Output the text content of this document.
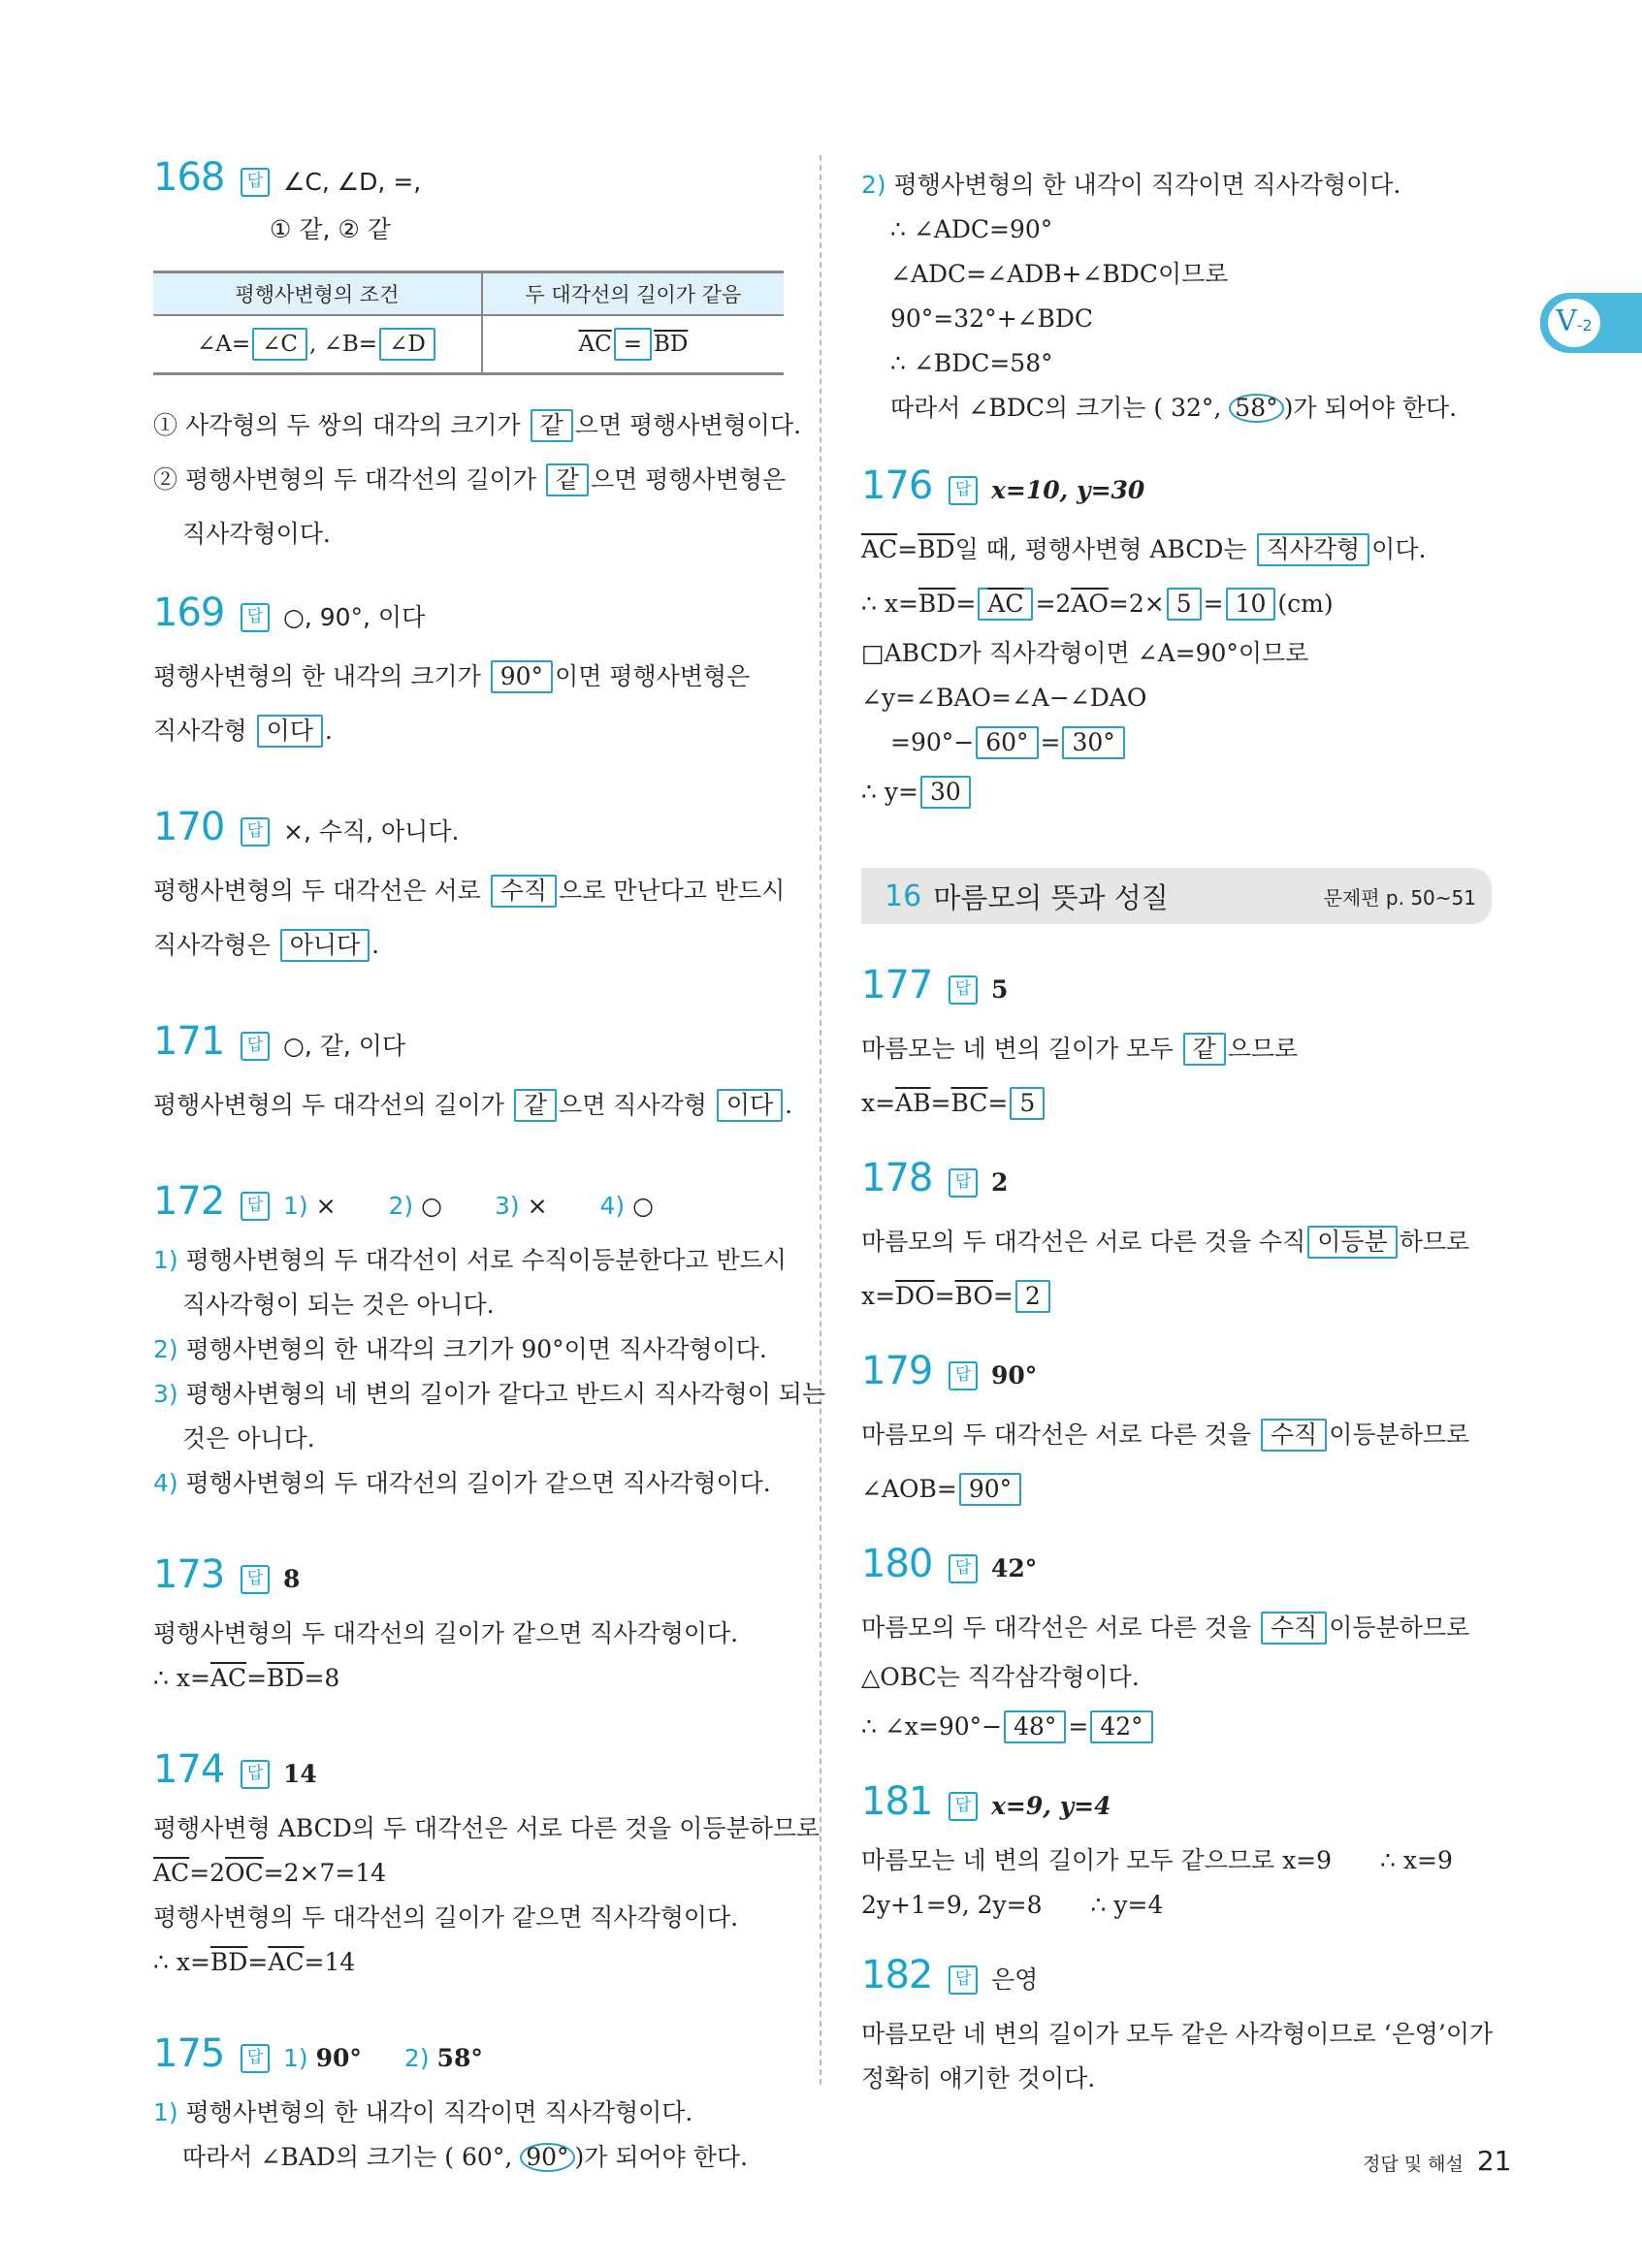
V-2
168	답 ∠C, ∠D, =,
① 같, ② 같
평행사변형의 조건	두 대각선의 길이가 같음
∠A= ∠C , ∠B= ∠D	$\overline{AC} = \overline{BD}$
① 사각형의 두 쌍의 대각의 크기가 같 으면 평행사변형이다.
② 평행사변형의 두 대각선의 길이가 같 으면 평행사변형은
직사각형이다.
169	답 ○, 90°, 이다
평행사변형의 한 내각의 크기가 90° 이면 평행사변형은
직사각형 이다 .
170	답 ×, 수직, 아니다.
평행사변형의 두 대각선은 서로 수직 으로 만난다고 반드시
직사각형은 아니다 .
171	답 ○, 같, 이다
평행사변형의 두 대각선의 길이가 같 으면 직사각형 이다 .
172	답 1) × 2) ○ 3) × 4) ○
1) 평행사변형의 두 대각선이 서로 수직이등분한다고 반드시
직사각형이 되는 것은 아니다.
2) 평행사변형의 한 내각의 크기가 90°이면 직사각형이다.
3) 평행사변형의 네 변의 길이가 같다고 반드시 직사각형이 되는
것은 아니다.
4) 평행사변형의 두 대각선의 길이가 같으면 직사각형이다.
173	답 8
평행사변형의 두 대각선의 길이가 같으면 직사각형이다.
∴ $x=\overline{AC}=\overline{BD}=8$
174	답 14
평행사변형 ABCD의 두 대각선은 서로 다른 것을 이등분하므로
$\overline{AC}=2\overline{OC}=2\times 7=14$
평행사변형의 두 대각선의 길이가 같으면 직사각형이다.
∴ $x=\overline{BD}=\overline{AC}=14$
175	답 1) 90° 2) 58°
1) 평행사변형의 한 내각이 직각이면 직사각형이다.
따라서 ∠BAD의 크기는 ( 60°, 90° )가 되어야 한다.
2) 평행사변형의 한 내각이 직각이면 직사각형이다.
∴ ∠ADC=90°
∠ADC=∠ADB+∠BDC이므로
90°=32°+∠BDC
∴ ∠BDC=58°
따라서 ∠BDC의 크기는 ( 32°, 58° )가 되어야 한다.
176	답 x=10, y=30
$\overline{AC}=\overline{BD}$일 때, 평행사변형 ABCD는 직사각형 이다.
∴ $x=\overline{BD}= \overline{AC} =2\overline{AO}=2\times 5 = 10$ (cm)
□ABCD가 직사각형이면 ∠A=90°이므로
∠y=∠BAO=∠A−∠DAO
=90°− 60° = 30°
∴ y= 30
16 마름모의 뜻과 성질	문제편 p. 50~51
177	답 5
마름모는 네 변의 길이가 모두 같 으므로
$x=\overline{AB}=\overline{BC}= 5$
178	답 2
마름모의 두 대각선은 서로 다른 것을 수직 이등분 하므로
$x=\overline{DO}=\overline{BO}= 2$
179	답 90°
마름모의 두 대각선은 서로 다른 것을 수직 이등분하므로
∠AOB= 90°
180	답 42°
마름모의 두 대각선은 서로 다른 것을 수직 이등분하므로
△OBC는 직각삼각형이다.
∴ ∠x=90°− 48° = 42°
181	답 x=9, y=4
마름모는 네 변의 길이가 모두 같으므로 x=9 ∴ x=9
2y+1=9, 2y=8 ∴ y=4
182	답 은영
마름모란 네 변의 길이가 모두 같은 사각형이므로 ‘은영’이가
정확히 얘기한 것이다.
정답 및 해설 21
